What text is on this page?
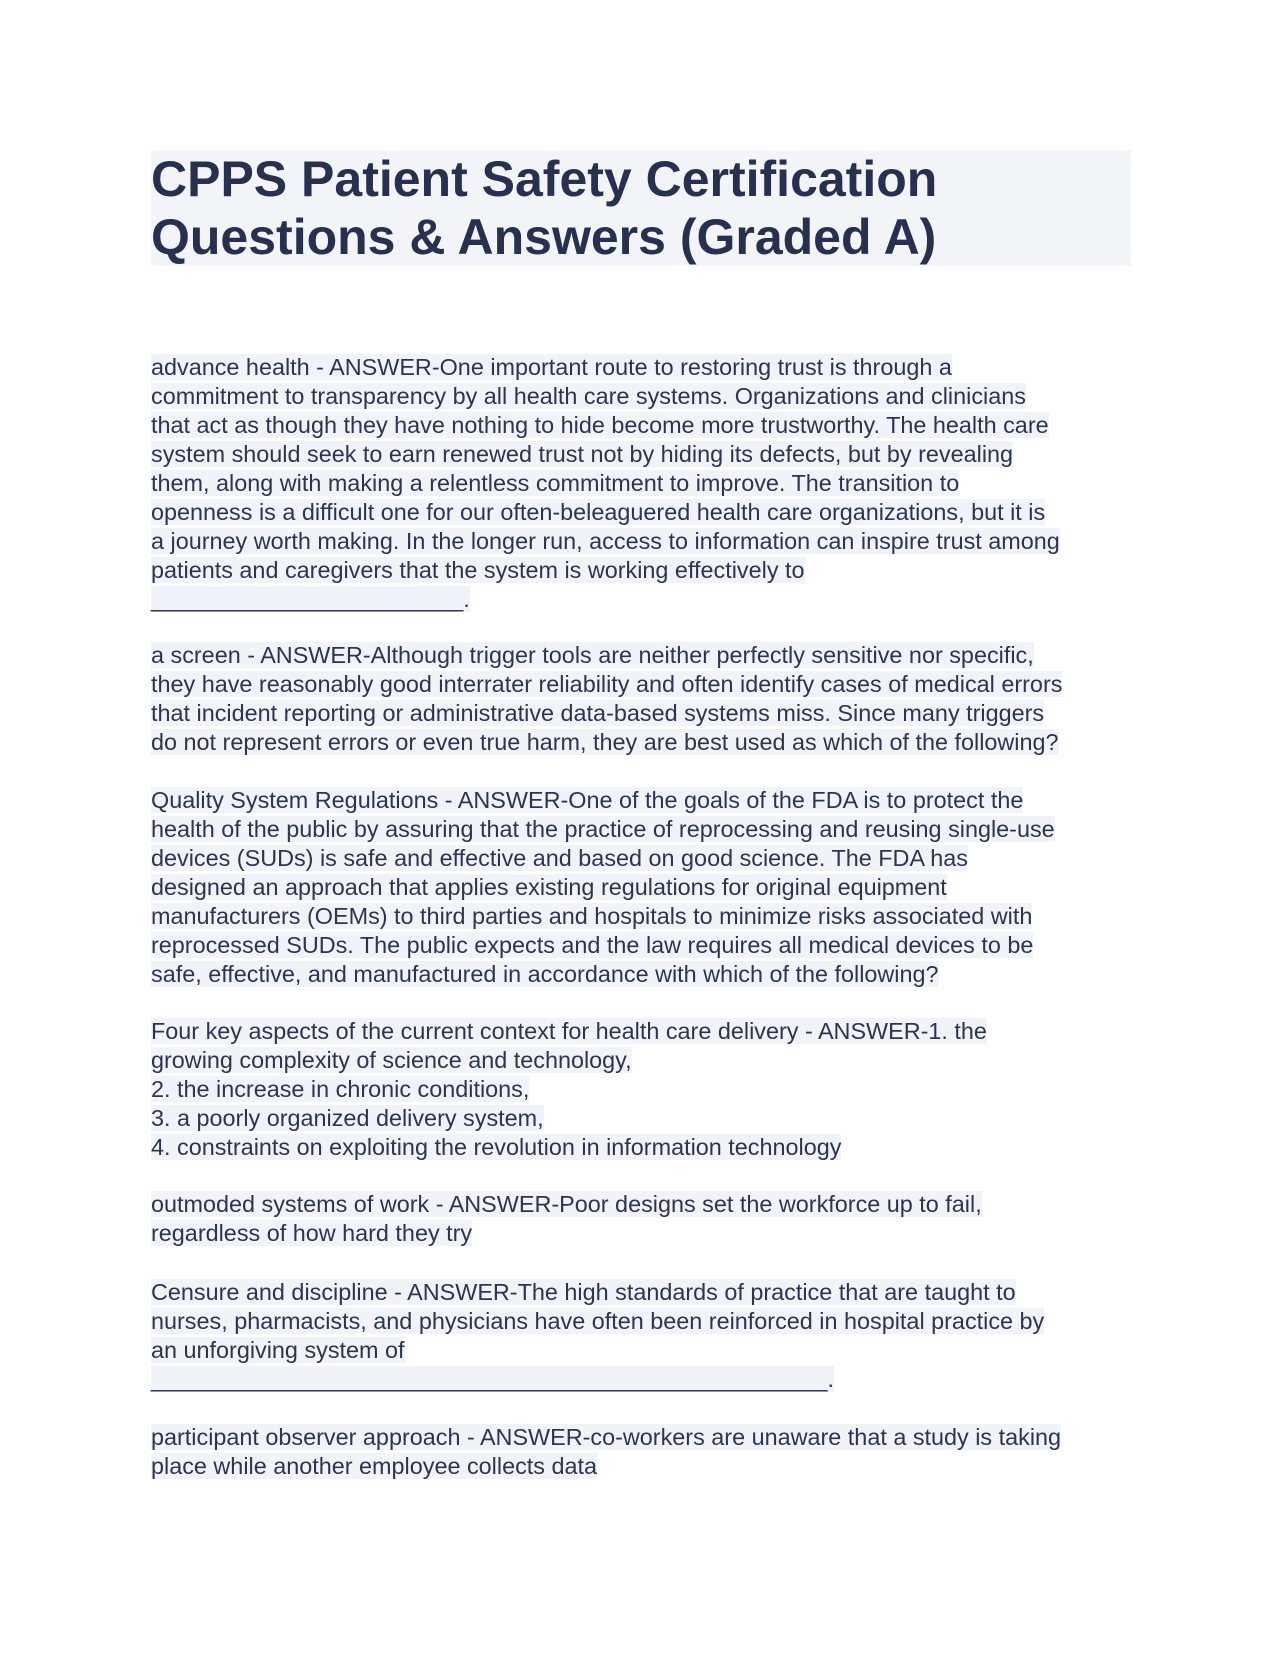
CPPS Patient Safety Certification
Questions & Answers (Graded A)
advance health - ANSWER-One important route to restoring trust is through a
commitment to transparency by all health care systems. Organizations and clinicians
that act as though they have nothing to hide become more trustworthy. The health care
system should seek to earn renewed trust not by hiding its defects, but by revealing
them, along with making a relentless commitment to improve. The transition to
openness is a difficult one for our often-beleaguered health care organizations, but it is
a journey worth making. In the longer run, access to information can inspire trust among
patients and caregivers that the system is working effectively to
________________________.
a screen - ANSWER-Although trigger tools are neither perfectly sensitive nor specific,
they have reasonably good interrater reliability and often identify cases of medical errors
that incident reporting or administrative data-based systems miss. Since many triggers
do not represent errors or even true harm, they are best used as which of the following?
Quality System Regulations - ANSWER-One of the goals of the FDA is to protect the
health of the public by assuring that the practice of reprocessing and reusing single-use
devices (SUDs) is safe and effective and based on good science. The FDA has
designed an approach that applies existing regulations for original equipment
manufacturers (OEMs) to third parties and hospitals to minimize risks associated with
reprocessed SUDs. The public expects and the law requires all medical devices to be
safe, effective, and manufactured in accordance with which of the following?
Four key aspects of the current context for health care delivery - ANSWER-1. the
growing complexity of science and technology,
2. the increase in chronic conditions,
3. a poorly organized delivery system,
4. constraints on exploiting the revolution in information technology
outmoded systems of work - ANSWER-Poor designs set the workforce up to fail,
regardless of how hard they try
Censure and discipline - ANSWER-The high standards of practice that are taught to
nurses, pharmacists, and physicians have often been reinforced in hospital practice by
an unforgiving system of
____________________________________________________.
participant observer approach - ANSWER-co-workers are unaware that a study is taking
place while another employee collects data
